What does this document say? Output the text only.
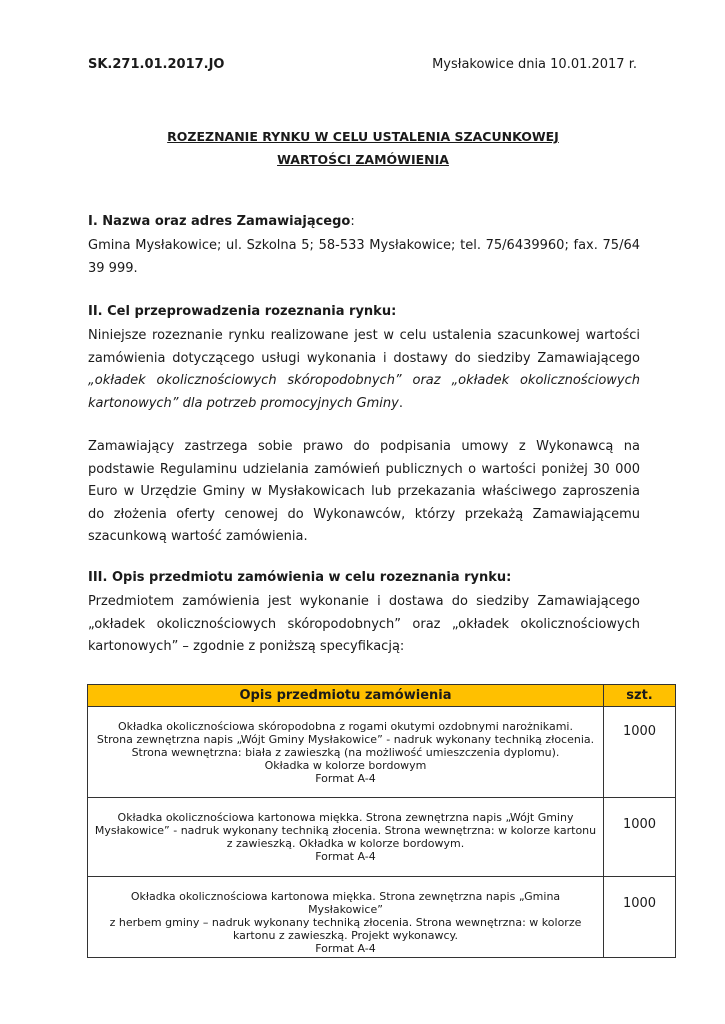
SK.271.01.2017.JO	Mysłakowice dnia 10.01.2017 r.
ROZEZNANIE RYNKU W CELU USTALENIA SZACUNKOWEJ
WARTOŚCI ZAMÓWIENIA
I. Nazwa oraz adres Zamawiającego:
Gmina Mysłakowice; ul. Szkolna 5; 58-533 Mysłakowice; tel. 75/6439960; fax. 75/64 39 999.
II. Cel przeprowadzenia rozeznania rynku:
Niniejsze rozeznanie rynku realizowane jest w celu ustalenia szacunkowej wartości zamówienia dotyczącego usługi wykonania i dostawy do siedziby Zamawiającego „okładek okolicznościowych skóropodobnych” oraz „okładek okolicznościowych kartonowych” dla potrzeb promocyjnych Gminy.
Zamawiający zastrzega sobie prawo do podpisania umowy z Wykonawcą na podstawie Regulaminu udzielania zamówień publicznych o wartości poniżej 30 000 Euro w Urzędzie Gminy w Mysłakowicach lub przekazania właściwego zaproszenia do złożenia oferty cenowej do Wykonawców, którzy przekażą Zamawiającemu szacunkową wartość zamówienia.
III. Opis przedmiotu zamówienia w celu rozeznania rynku:
Przedmiotem zamówienia jest wykonanie i dostawa do siedziby Zamawiającego „okładek okolicznościowych skóropodobnych” oraz „okładek okolicznościowych kartonowych” – zgodnie z poniższą specyfikacją:
Opis przedmiotu zamówienia	szt.

Okładka okolicznościowa skóropodobna z rogami okutymi ozdobnymi narożnikami.
Strona zewnętrzna napis „Wójt Gminy Mysłakowice” - nadruk wykonany techniką złocenia.
Strona wewnętrzna: biała z zawieszką (na możliwość umieszczenia dyplomu).
Okładka w kolorze bordowym
Format A-4	1000

Okładka okolicznościowa kartonowa miękka. Strona zewnętrzna napis „Wójt Gminy
Mysłakowice” - nadruk wykonany techniką złocenia. Strona wewnętrzna: w kolorze kartonu
z zawieszką. Okładka w kolorze bordowym.
Format A-4	1000

Okładka okolicznościowa kartonowa miękka. Strona zewnętrzna napis „Gmina Mysłakowice”
z herbem gminy – nadruk wykonany techniką złocenia. Strona wewnętrzna: w kolorze
kartonu z zawieszką. Projekt wykonawcy.
Format A-4	1000
